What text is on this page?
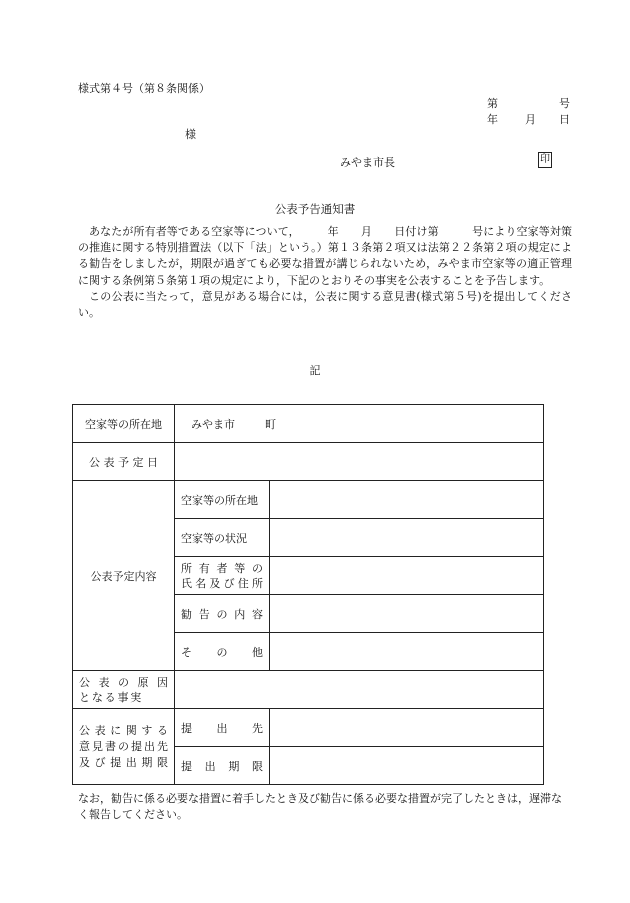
様式第４号（第８条関係）
第	号
年 月 日
様
みやま市長	印
公表予告通知書

あなたが所有者等である空家等について，　　　年　　月　　日付け第　　　号により空家等対策の推進に関する特別措置法（以下「法」という。）第１３条第２項又は法第２２条第２項の規定による勧告をしましたが，期限が過ぎても必要な措置が講じられないため，みやま市空家等の適正管理に関する条例第５条第１項の規定により，下記のとおりその事実を公表することを予告します。

この公表に当たって，意見がある場合には，公表に関する意見書(様式第５号)を提出してください。

記
空家等の所在地	みやま市 町	
公 表 予 定 日		
公表予定内容	空家等の所在地	
	空家等の状況	

	所有者等の
氏名及び住所	

	勧告の内容	

	その他	

公表の原因
となる事実		

公表に関する
意見書の提出先
及び提出期限	提出先	

	提出期限	

なお，勧告に係る必要な措置に着手したとき及び勧告に係る必要な措置が完了したときは，遅滞なく報告してください。
